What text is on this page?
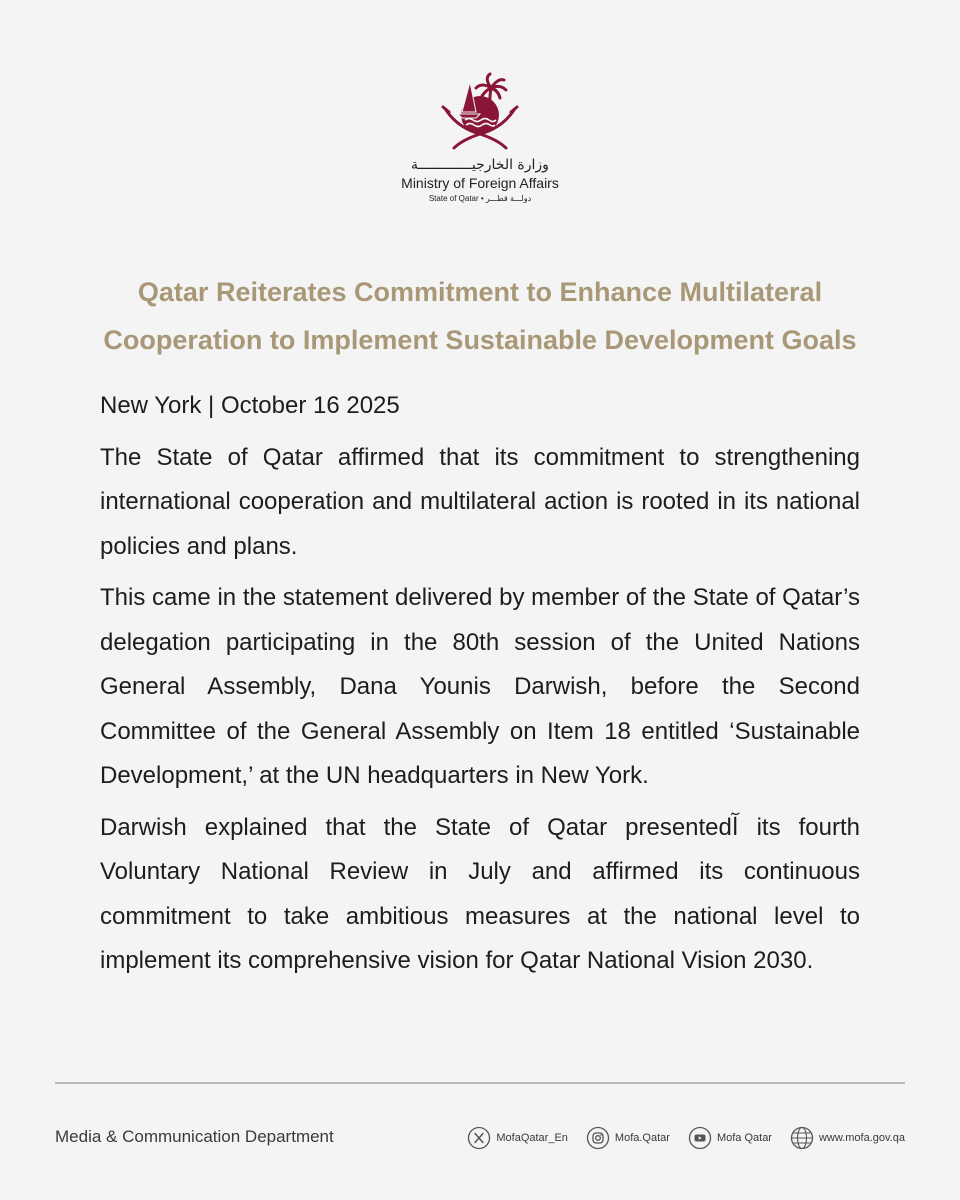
وزارة الخارجيـــــــــــــة
Ministry of Foreign Affairs
State of Qatar • دولـــة قطـــر
Qatar Reiterates Commitment to Enhance Multilateral
Cooperation to Implement Sustainable Development Goals

New York | October 16 2025

The State of Qatar affirmed that its commitment to strengthening international cooperation and multilateral action is rooted in its national policies and plans.

This came in the statement delivered by member of the State of Qatar’s delegation participating in the 80th session of the United Nations General Assembly, Dana Younis Darwish, before the Second Committee of the General Assembly on Item 18 entitled ‘Sustainable Development,’ at the UN headquarters in New York.

Darwish explained that the State of Qatar presentedآ its fourth Voluntary National Review in July and affirmed its continuous commitment to take ambitious measures at the national level to implement its comprehensive vision for Qatar National Vision 2030.

Media & Communication Department	MofaQatar_En	Mofa.Qatar	Mofa Qatar	www.mofa.gov.qa
